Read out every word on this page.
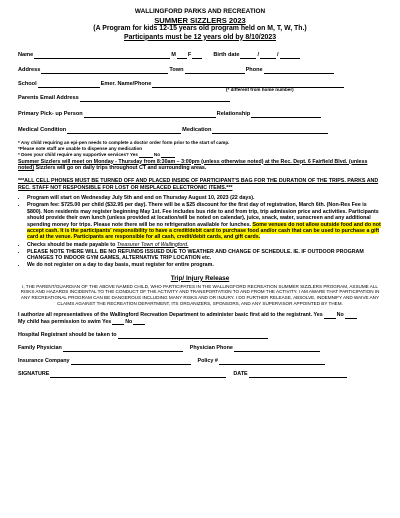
WALLINGFORD PARKS AND RECREATION
SUMMER SIZZLERS 2023
(A Program for kids 12-15 years old program held on M, T, W, Th.)
Participants must be 12 years old by 8/10/2023
Name	M F	Birth date	/	/
Address	Town	Phone
School	Emer. Name/Phone
(* different from home number)
Parents Email Address
Primary Pick- up Person	Relationship
Medical Condition	Medication
* Any child requiring an epi-pen needs to complete a doctor order form prior to the start of camp.
*Please note staff are unable to dispense any medication
* Does your child require any supportive services? Yes	No
Summer Sizzlers will meet on Monday - Thursday from 8:30am – 3:00pm (unless otherwise noted) at the Rec. Dept. 6 Fairfield Blvd. (unless noted) Sizzlers will go on daily trips throughout CT and surrounding areas.
***ALL CELL PHONES MUST BE TURNED OFF AND PLACED INSIDE OF PARTICIPANT'S BAG FOR THE DURATION OF THE TRIPS. PARKS AND REC. STAFF NOT RESPONSIBLE FOR LOST OR MISPLACED ELECTRONIC ITEMS.***
• Program will start on Wednesday July 5th and end on Thursday August 10, 2023 (22 days).
• Program fee: $725.00 per child ($32.95 per day). There will be a $25 discount for the first day of registration, March 6th. (Non-Res Fee is $800). Non residents may register beginning May 1st. Fee includes bus ride to and from trip, trip admission price and activities. Participants should provide their own lunch (unless provided at location/will be noted on calendar), juice, snack, water, sunscreen and any additional spending money for trips. Please note there will be no refrigeration available for lunches. Some venues do not allow outside food and do not accept cash. It is the participants' responsibility to have a credit/debit card to purchase food and/or cash that can be used to purchase a gift card at the venue. Participants are responsible for all cash, credit/debit cards, and gift cards.
• Checks should be made payable to Treasurer Town of Wallingford.
• PLEASE NOTE THERE WILL BE NO REFUNDS ISSUED DUE TO WEATHER AND CHANGE OF SCHEDULE. IE. IF OUTDOOR PROGRAM CHANGES TO INDOOR GYM GAMES, ALTERNATIVE TRIP LOCATION etc.
• We do not register on a day to day basis, must register for entire program.
Trip/ Injury Release
I, THE PARENT/GUARDIAN OF THE ABOVE NAMED CHILD, WHO PARTICIPATES IN THE WALLINGFORD RECREATION SUMMER SIZZLERS PROGRAM, ASSUME ALL RISKS AND HAZARDS INCIDENTAL TO THE CONDUCT OF THE ACTIVITY AND TRANSPORTATION TO AND FROM THE ACTIVITY. I AM AWARE THAT PARTICIPATION IN ANY RECREATIONAL PROGRAM CAN BE DANGEROUS INCLUDING MANY RISKS AND OR INJURY. I DO FURTHER RELEASE, ABSOLVE, INDEMNIFY AND WAIVE ANY CLAIMS AGAINST THE RECREATION DEPARTMENT, ITS ORGANIZERS, SPONSORS, AND ANY SUPERVISOR APPOINTED BY THEM.
I authorize all representatives of the Wallingford Recreation Department to administer basic first aid to the registrant. Yes	No
My child has permission to swim Yes	No
Hospital Registrant should be taken to
Family Physician	Physician Phone
Insurance Company	Policy #
SIGNATURE	DATE
